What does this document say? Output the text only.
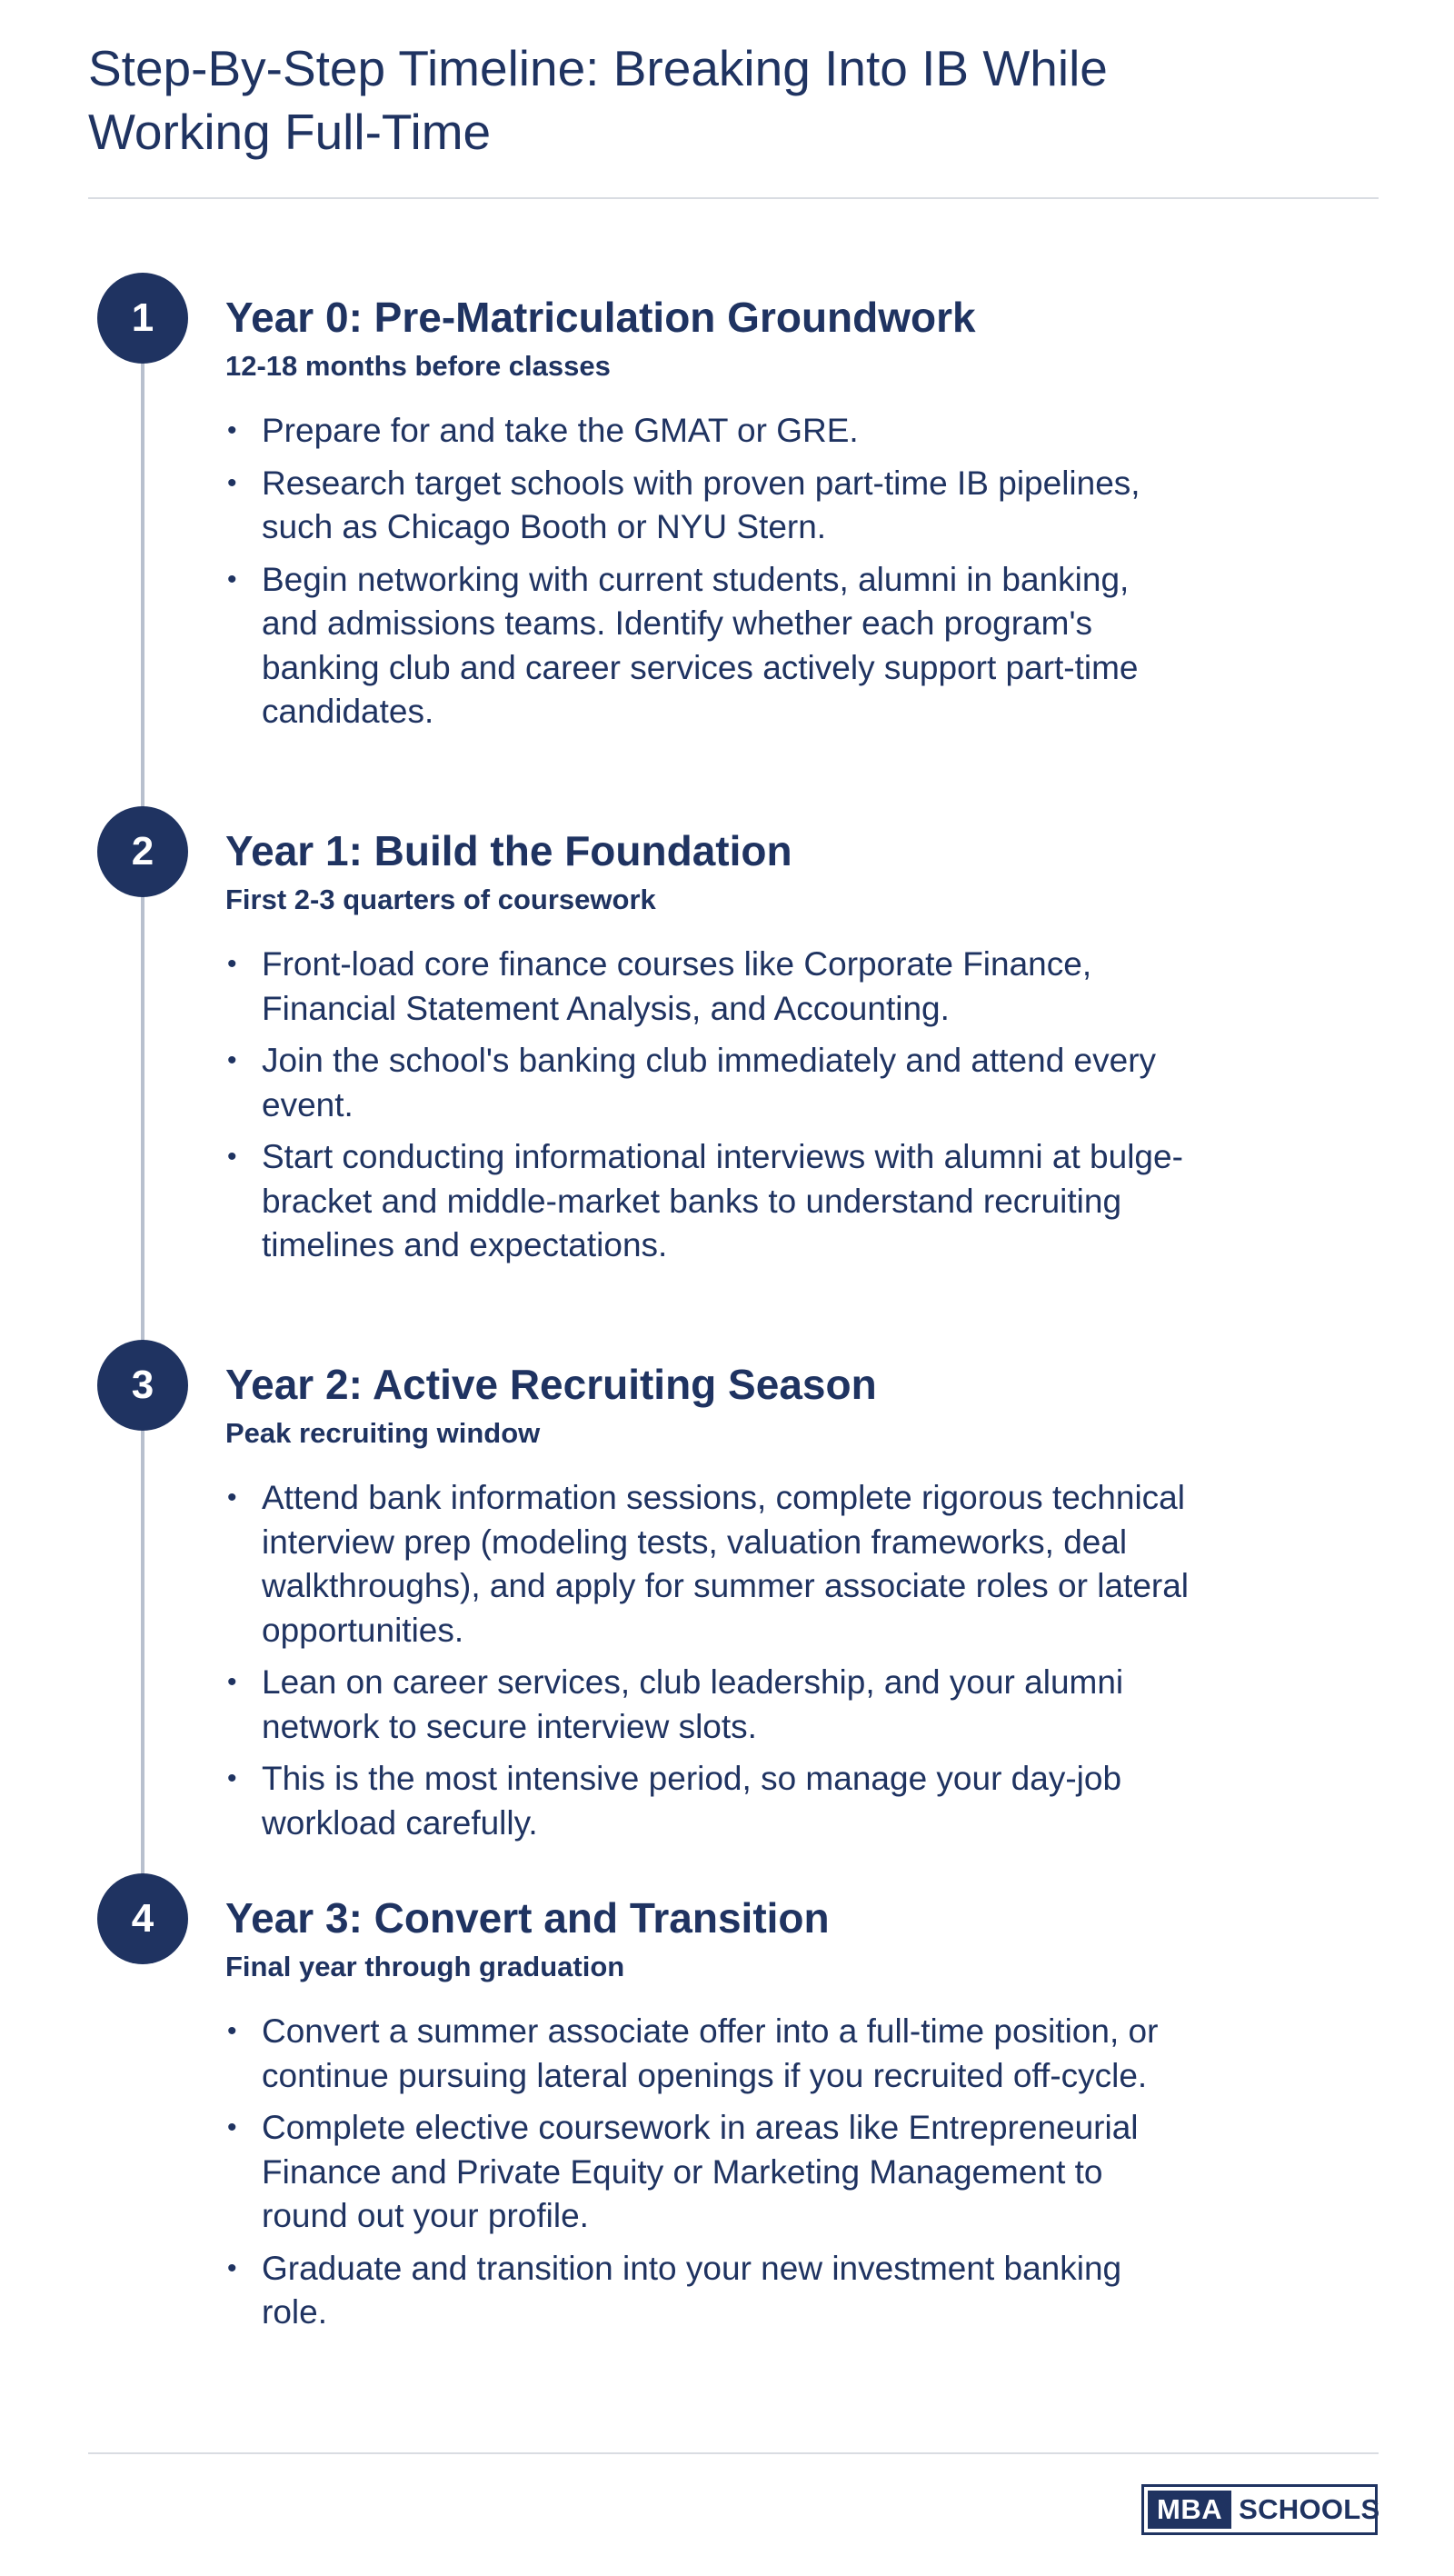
Step-By-Step Timeline: Breaking Into IB While Working Full-Time
1	Year 0: Pre-Matriculation Groundwork

12-18 months before classes

• Prepare for and take the GMAT or GRE.
• Research target schools with proven part-time IB pipelines, such as Chicago Booth or NYU Stern.
• Begin networking with current students, alumni in banking, and admissions teams. Identify whether each program's banking club and career services actively support part-time candidates.
2	Year 1: Build the Foundation

First 2-3 quarters of coursework

• Front-load core finance courses like Corporate Finance, Financial Statement Analysis, and Accounting.
• Join the school's banking club immediately and attend every event.
• Start conducting informational interviews with alumni at bulge-bracket and middle-market banks to understand recruiting timelines and expectations.
3	Year 2: Active Recruiting Season

Peak recruiting window

• Attend bank information sessions, complete rigorous technical interview prep (modeling tests, valuation frameworks, deal walkthroughs), and apply for summer associate roles or lateral opportunities.
• Lean on career services, club leadership, and your alumni network to secure interview slots.
• This is the most intensive period, so manage your day-job workload carefully.
4	Year 3: Convert and Transition

Final year through graduation

• Convert a summer associate offer into a full-time position, or continue pursuing lateral openings if you recruited off-cycle.
• Complete elective coursework in areas like Entrepreneurial Finance and Private Equity or Marketing Management to round out your profile.
• Graduate and transition into your new investment banking role.
MBA SCHOOLS
